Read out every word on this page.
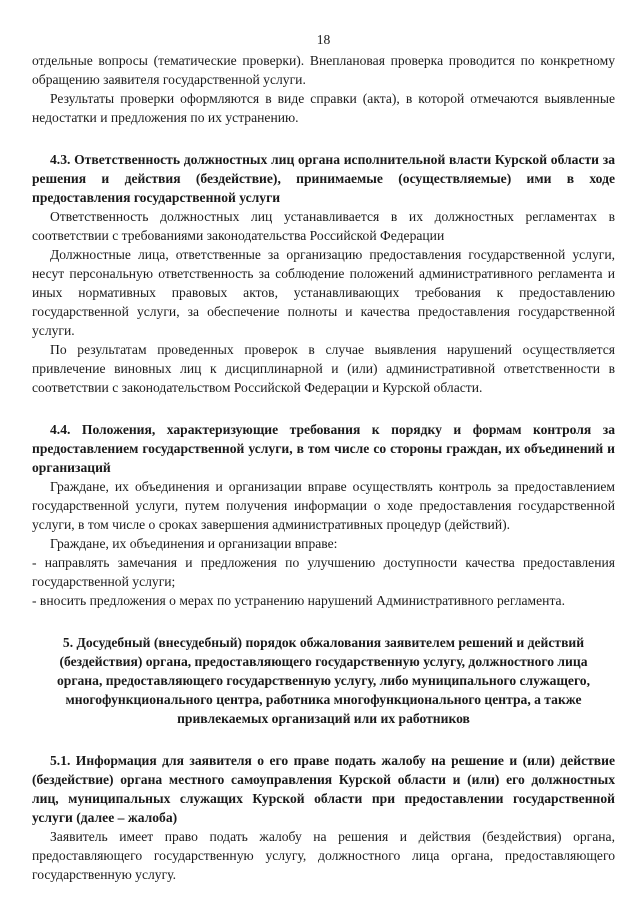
18

отдельные вопросы (тематические проверки). Внеплановая проверка проводится по конкретному обращению заявителя государственной услуги.

Результаты проверки оформляются в виде справки (акта), в которой отмечаются выявленные недостатки и предложения по их устранению.

4.3. Ответственность должностных лиц органа исполнительной власти Курской области за решения и действия (бездействие), принимаемые (осуществляемые) ими в ходе предоставления государственной услуги

Ответственность должностных лиц устанавливается в их должностных регламентах в соответствии с требованиями законодательства Российской Федерации

Должностные лица, ответственные за организацию предоставления государственной услуги, несут персональную ответственность за соблюдение положений административного регламента и иных нормативных правовых актов, устанавливающих требования к предоставлению государственной услуги, за обеспечение полноты и качества предоставления государственной услуги.

По результатам проведенных проверок в случае выявления нарушений осуществляется привлечение виновных лиц к дисциплинарной и (или) административной ответственности в соответствии с законодательством Российской Федерации и Курской области.

4.4. Положения, характеризующие требования к порядку и формам контроля за предоставлением государственной услуги, в том числе со стороны граждан, их объединений и организаций

Граждане, их объединения и организации вправе осуществлять контроль за предоставлением государственной услуги, путем получения информации о ходе предоставления государственной услуги, в том числе о сроках завершения административных процедур (действий).

Граждане, их объединения и организации вправе:

- направлять замечания и предложения по улучшению доступности качества предоставления государственной услуги;

- вносить предложения о мерах по устранению нарушений Административного регламента.

5. Досудебный (внесудебный) порядок обжалования заявителем решений и действий (бездействия) органа, предоставляющего государственную услугу, должностного лица органа, предоставляющего государственную услугу, либо муниципального служащего, многофункционального центра, работника многофункционального центра, а также привлекаемых организаций или их работников

5.1. Информация для заявителя о его праве подать жалобу на решение и (или) действие (бездействие) органа местного самоуправления Курской области и (или) его должностных лиц, муниципальных служащих Курской области при предоставлении государственной услуги (далее – жалоба)

Заявитель имеет право подать жалобу на решения и действия (бездействия) органа, предоставляющего государственную услугу, должностного лица органа, предоставляющего государственную услугу.
